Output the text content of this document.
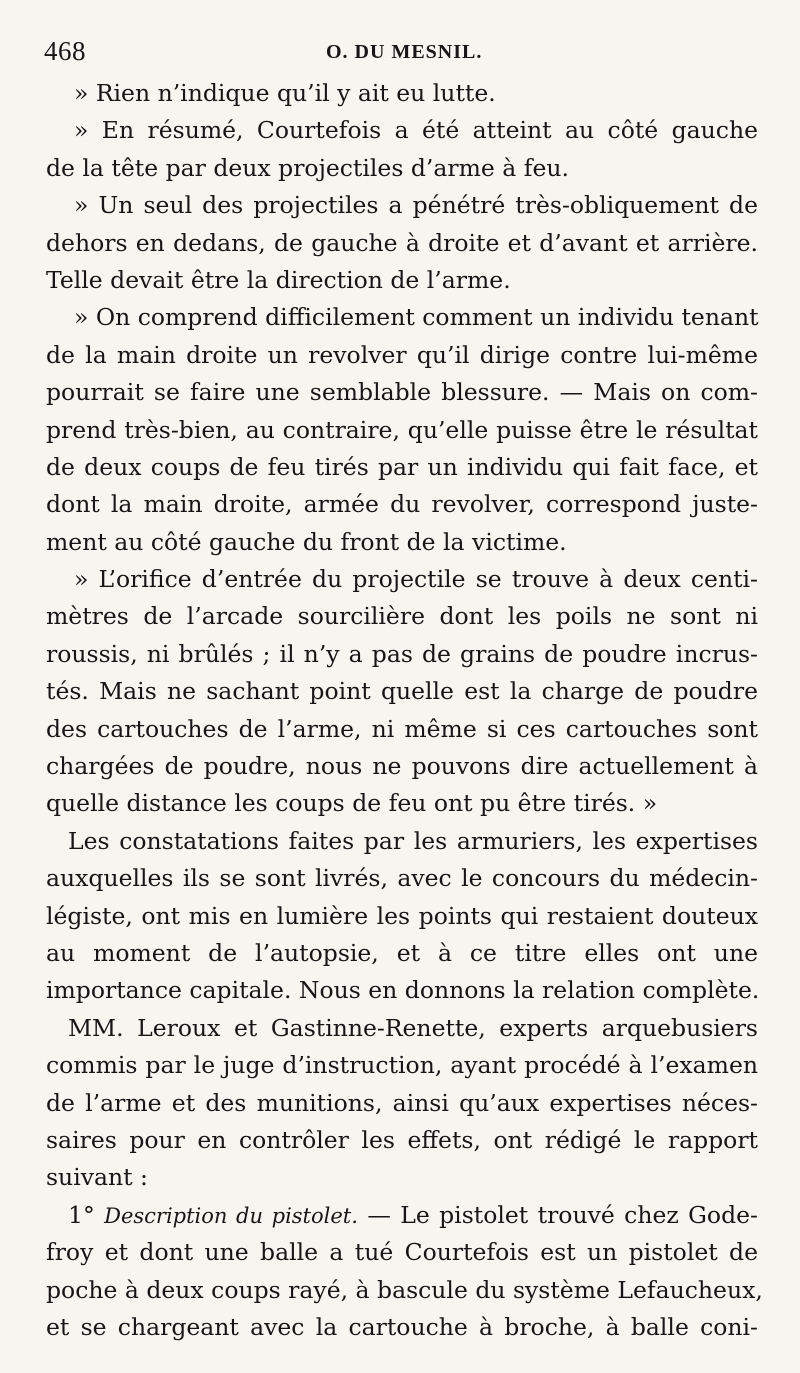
468	O. DU MESNIL.
» Rien n’indique qu’il y ait eu lutte.
» En résumé, Courtefois a été atteint au côté gauche
de la tête par deux projectiles d’arme à feu.
» Un seul des projectiles a pénétré très-obliquement de
dehors en dedans, de gauche à droite et d’avant et arrière.
Telle devait être la direction de l’arme.
» On comprend difficilement comment un individu tenant
de la main droite un revolver qu’il dirige contre lui-même
pourrait se faire une semblable blessure. — Mais on com-
prend très-bien, au contraire, qu’elle puisse être le résultat
de deux coups de feu tirés par un individu qui fait face, et
dont la main droite, armée du revolver, correspond juste-
ment au côté gauche du front de la victime.
» L’orifice d’entrée du projectile se trouve à deux centi-
mètres de l’arcade sourcilière dont les poils ne sont ni
roussis, ni brûlés ; il n’y a pas de grains de poudre incrus-
tés. Mais ne sachant point quelle est la charge de poudre
des cartouches de l’arme, ni même si ces cartouches sont
chargées de poudre, nous ne pouvons dire actuellement à
quelle distance les coups de feu ont pu être tirés. »
Les constatations faites par les armuriers, les expertises
auxquelles ils se sont livrés, avec le concours du médecin-
légiste, ont mis en lumière les points qui restaient douteux
au moment de l’autopsie, et à ce titre elles ont une
importance capitale. Nous en donnons la relation complète.
MM. Leroux et Gastinne-Renette, experts arquebusiers
commis par le juge d’instruction, ayant procédé à l’examen
de l’arme et des munitions, ainsi qu’aux expertises néces-
saires pour en contrôler les effets, ont rédigé le rapport
suivant :
1° Description du pistolet. — Le pistolet trouvé chez Gode-
froy et dont une balle a tué Courtefois est un pistolet de
poche à deux coups rayé, à bascule du système Lefaucheux,
et se chargeant avec la cartouche à broche, à balle coni-
